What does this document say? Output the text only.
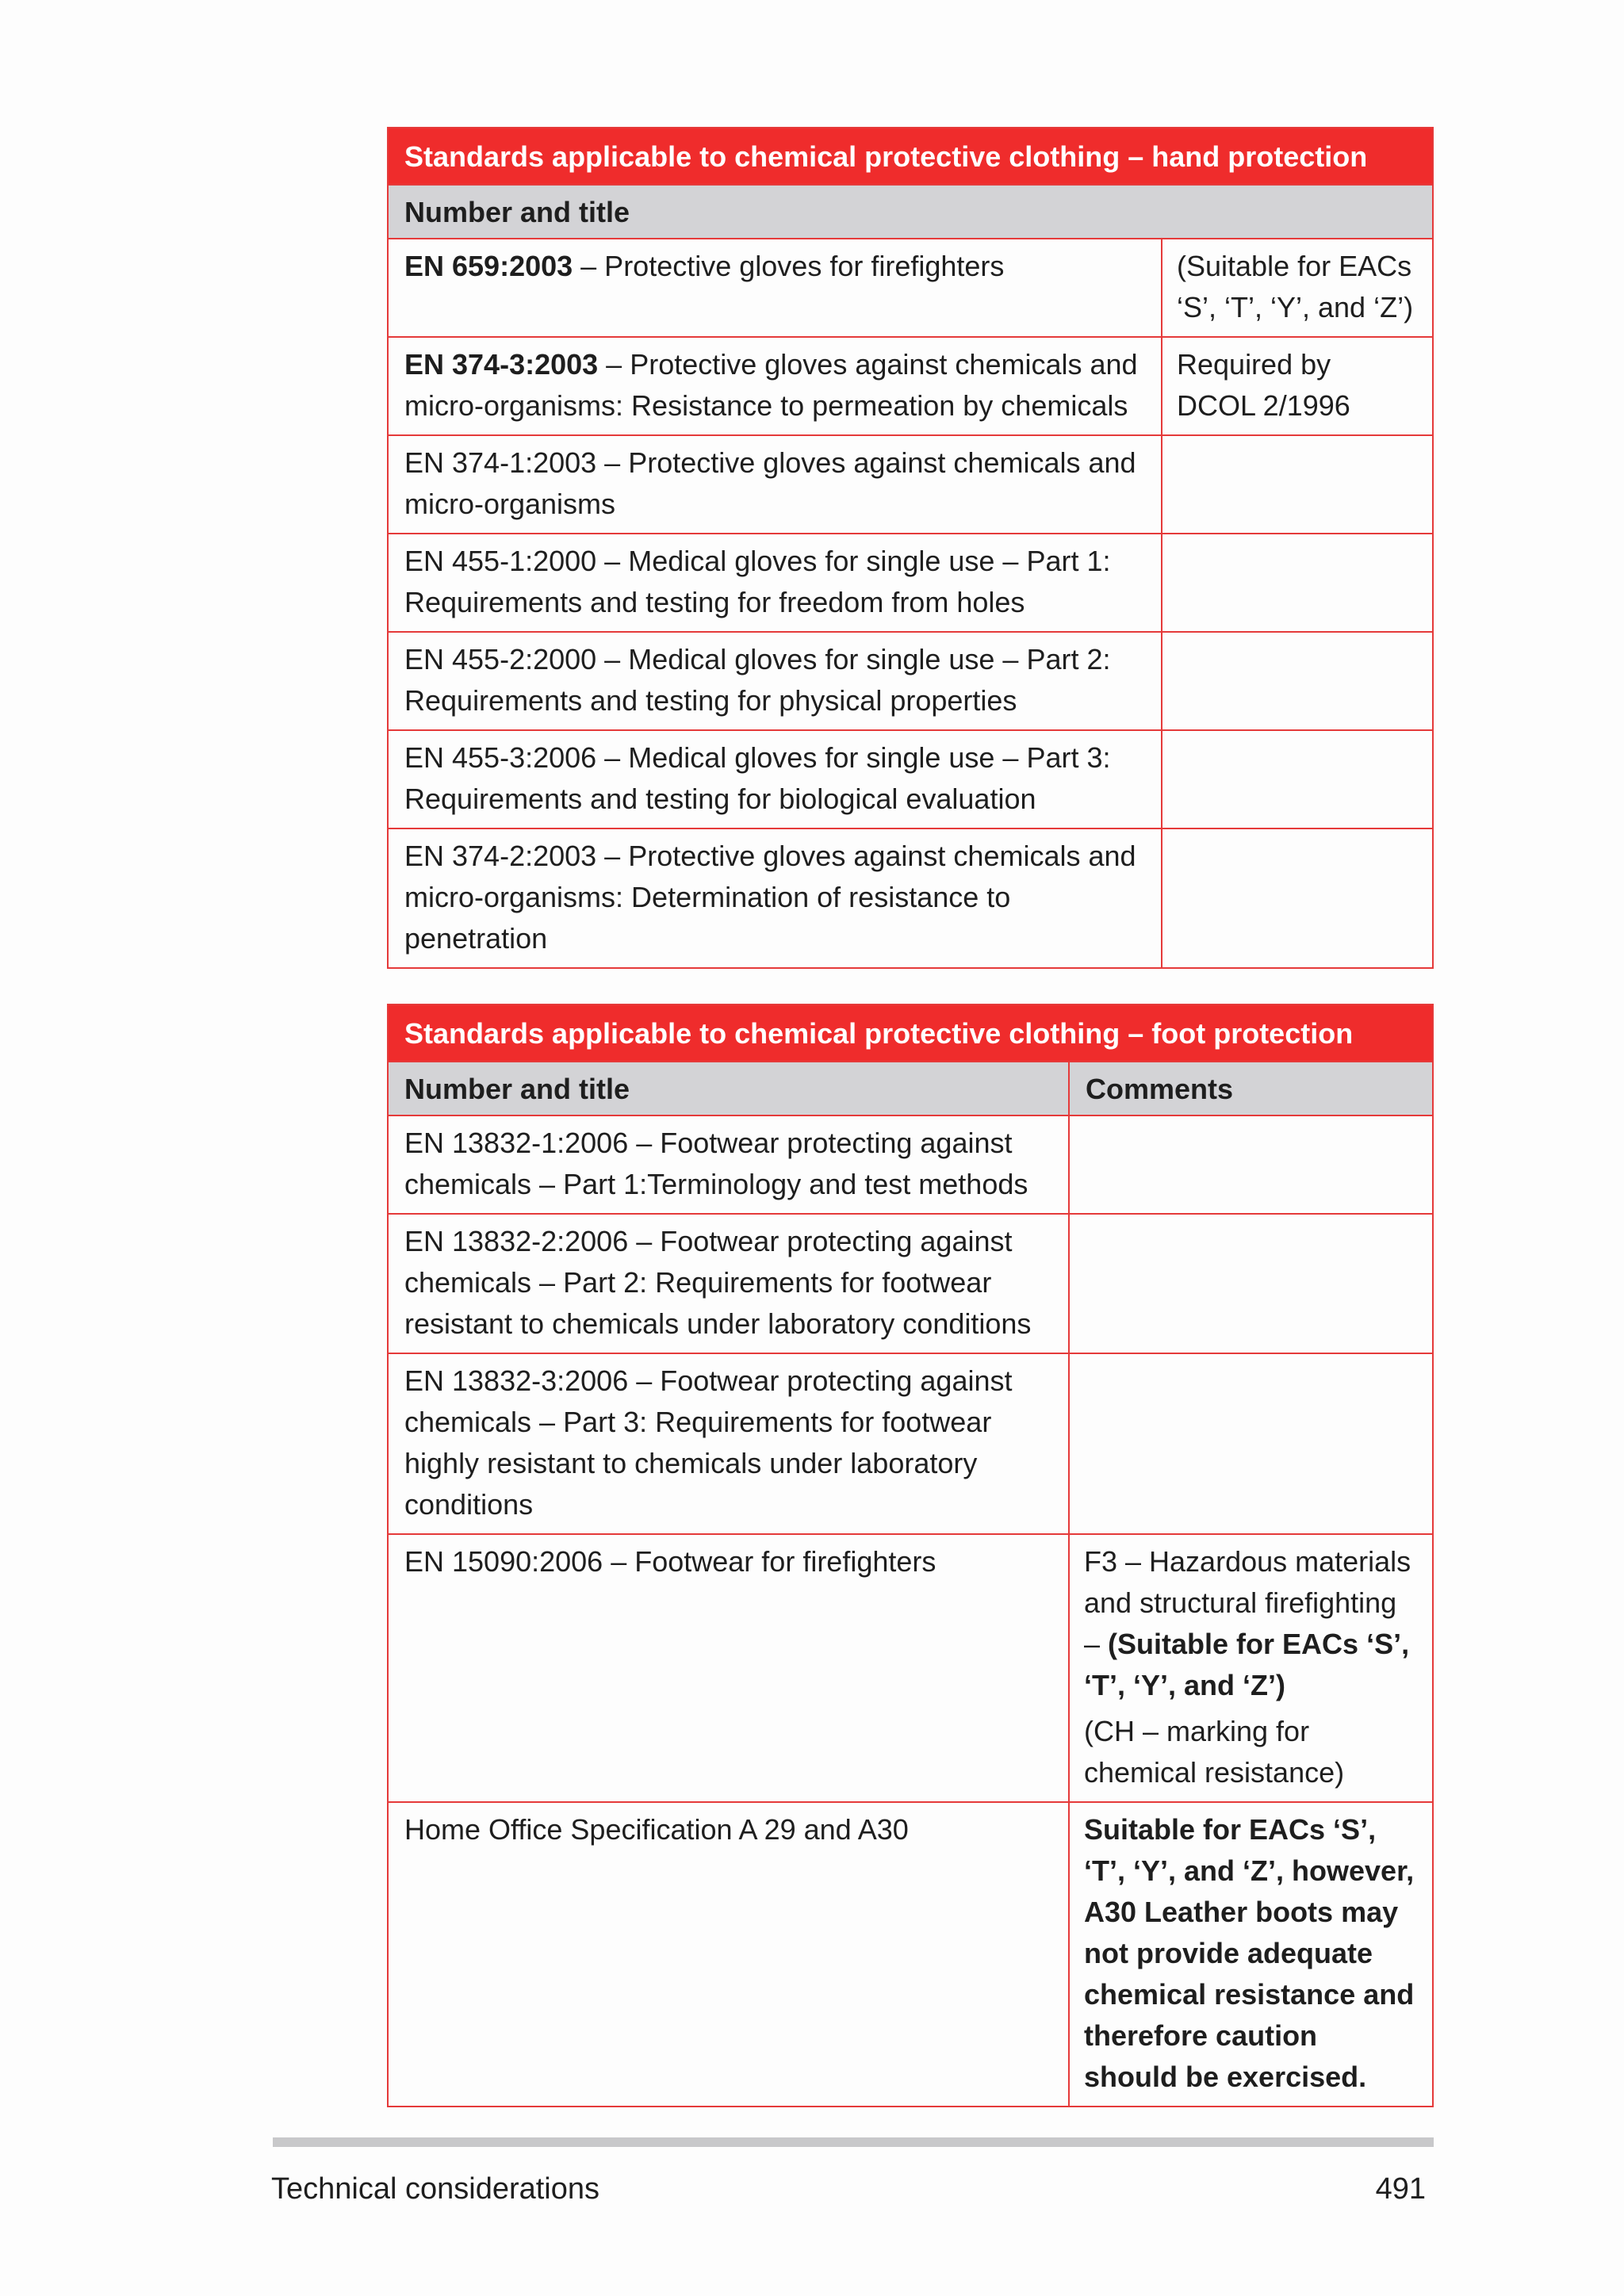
Standards applicable to chemical protective clothing – hand protection	
Number and title	
EN 659:2003 – Protective gloves for firefighters	(Suitable for EACs ‘S’, ‘T’, ‘Y’, and ‘Z’)
EN 374-3:2003 – Protective gloves against chemicals and micro-organisms: Resistance to permeation by chemicals	Required by DCOL 2/1996
EN 374-1:2003 – Protective gloves against chemicals and micro-organisms	
EN 455-1:2000 – Medical gloves for single use – Part 1: Requirements and testing for freedom from holes	
EN 455-2:2000 – Medical gloves for single use – Part 2: Requirements and testing for physical properties	
EN 455-3:2006 – Medical gloves for single use – Part 3: Requirements and testing for biological evaluation	
EN 374-2:2003 – Protective gloves against chemicals and micro-organisms: Determination of resistance to penetration	
Standards applicable to chemical protective clothing – foot protection	
Number and title	Comments
EN 13832-1:2006 – Footwear protecting against chemicals – Part 1:Terminology and test methods	
EN 13832-2:2006 – Footwear protecting against chemicals – Part 2: Requirements for footwear resistant to chemicals under laboratory conditions	
EN 13832-3:2006 – Footwear protecting against chemicals – Part 3: Requirements for footwear highly resistant to chemicals under laboratory conditions	
EN 15090:2006 – Footwear for firefighters	F3 – Hazardous materials and structural firefighting – (Suitable for EACs ‘S’, ‘T’, ‘Y’, and ‘Z’)
(CH – marking for chemical resistance)

Home Office Specification A 29 and A30	Suitable for EACs ‘S’, ‘T’, ‘Y’, and ‘Z’, however, A30 Leather boots may not provide adequate chemical resistance and therefore caution should be exercised.
Technical considerations	491
